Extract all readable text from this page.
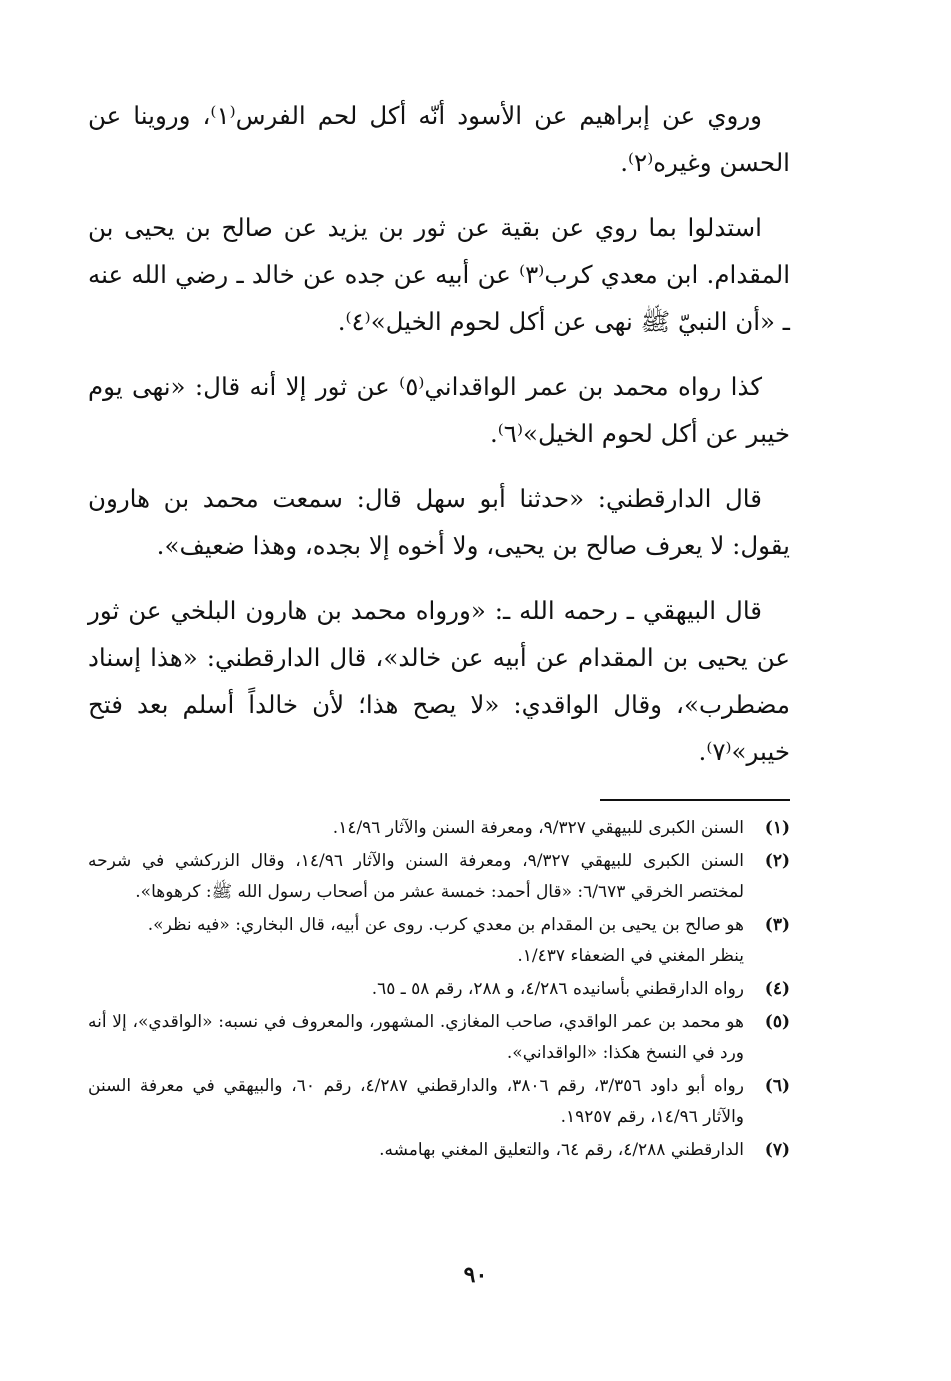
وروي عن إبراهيم عن الأسود أنّه أكل لحم الفرس⁽١⁾، وروينا عن الحسن وغيره⁽٢⁾.

استدلوا بما روي عن بقية عن ثور بن يزيد عن صالح بن يحيى بن المقدام. ابن معدي كرب⁽٣⁾ عن أبيه عن جده عن خالد ـ رضي الله عنه ـ «أن النبيّ ﷺ نهى عن أكل لحوم الخيل»⁽٤⁾.

كذا رواه محمد بن عمر الواقداني⁽٥⁾ عن ثور إلا أنه قال: «نهى يوم خيبر عن أكل لحوم الخيل»⁽٦⁾.

قال الدارقطني: «حدثنا أبو سهل قال: سمعت محمد بن هارون يقول: لا يعرف صالح بن يحيى، ولا أخوه إلا بجده، وهذا ضعيف».

قال البيهقي ـ رحمه الله ـ: «ورواه محمد بن هارون البلخي عن ثور عن يحيى بن المقدام عن أبيه عن خالد»، قال الدارقطني: «هذا إسناد مضطرب»، وقال الواقدي: «لا يصح هذا؛ لأن خالداً أسلم بعد فتح خيبر»⁽٧⁾.

(١)
السنن الكبرى للبيهقي ٩/٣٢٧، ومعرفة السنن والآثار ١٤/٩٦.
(٢)
السنن الكبرى للبيهقي ٩/٣٢٧، ومعرفة السنن والآثار ١٤/٩٦، وقال الزركشي في شرحه لمختصر الخرقي ٦/٦٧٣: «قال أحمد: خمسة عشر من أصحاب رسول الله ﷺ: كرهوها».
(٣)
هو صالح بن يحيى بن المقدام بن معدي كرب. روى عن أبيه، قال البخاري: «فيه نظر».
ينظر المغني في الضعفاء ١/٤٣٧.
(٤)
رواه الدارقطني بأسانيده ٤/٢٨٦، و ٢٨٨، رقم ٥٨ ـ ٦٥.
(٥)
هو محمد بن عمر الواقدي، صاحب المغازي. المشهور، والمعروف في نسبه: «الواقدي»، إلا أنه ورد في النسخ هكذا: «الواقداني».
(٦)
رواه أبو داود ٣/٣٥٦، رقم ٣٨٠٦، والدارقطني ٤/٢٨٧، رقم ٦٠، والبيهقي في معرفة السنن والآثار ١٤/٩٦، رقم ١٩٢٥٧.
(٧)
الدارقطني ٤/٢٨٨، رقم ٦٤، والتعليق المغني بهامشه.
٩٠
